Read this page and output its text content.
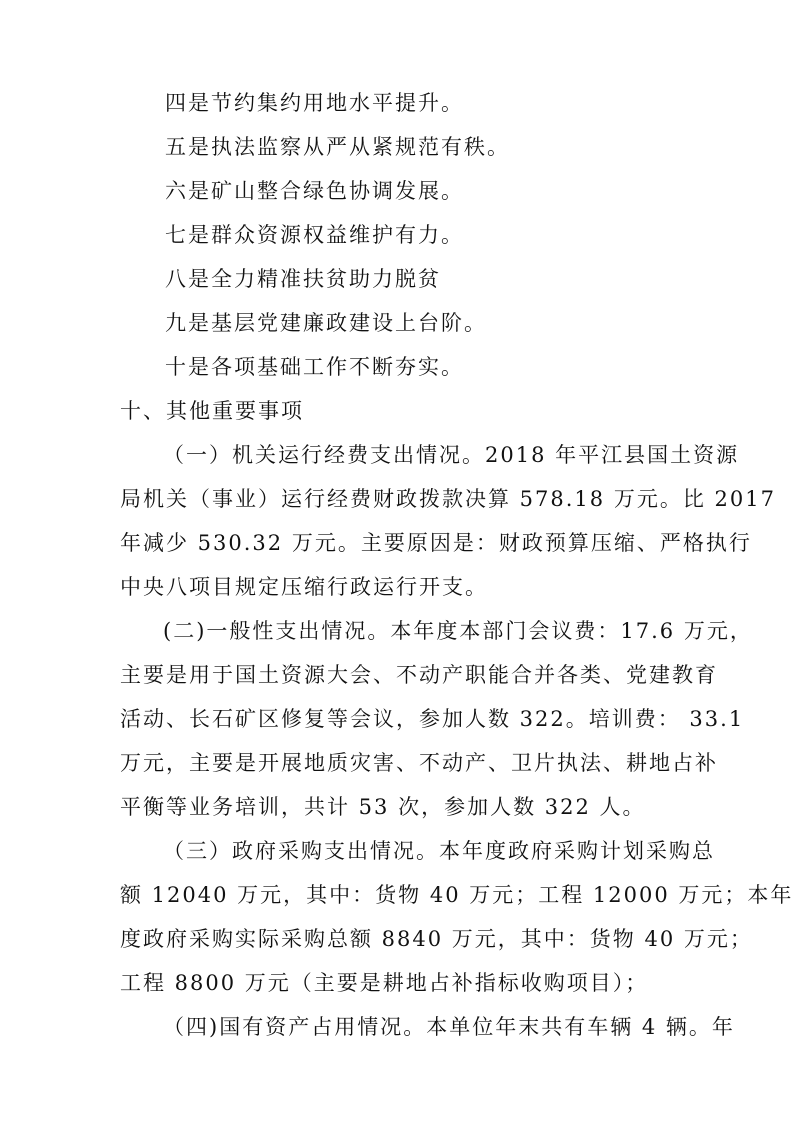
四是节约集约用地水平提升。
五是执法监察从严从紧规范有秩。
六是矿山整合绿色协调发展。
七是群众资源权益维护有力。
八是全力精准扶贫助力脱贫
九是基层党建廉政建设上台阶。
十是各项基础工作不断夯实。
十、其他重要事项
（一）机关运行经费支出情况。2018 年平江县国土资源
局机关（事业）运行经费财政拨款决算 578.18 万元。比 2017
年减少 530.32 万元。主要原因是：财政预算压缩、严格执行
中央八项目规定压缩行政运行开支。
(二)一般性支出情况。本年度本部门会议费：17.6 万元，
主要是用于国土资源大会、不动产职能合并各类、党建教育
活动、长石矿区修复等会议，参加人数 322。培训费： 33.1
万元，主要是开展地质灾害、不动产、卫片执法、耕地占补
平衡等业务培训，共计 53 次，参加人数 322 人。
（三）政府采购支出情况。本年度政府采购计划采购总
额 12040 万元，其中：货物 40 万元；工程 12000 万元；本年
度政府采购实际采购总额 8840 万元，其中：货物 40 万元；
工程 8800 万元（主要是耕地占补指标收购项目）；
（四)国有资产占用情况。本单位年末共有车辆 4 辆。年
